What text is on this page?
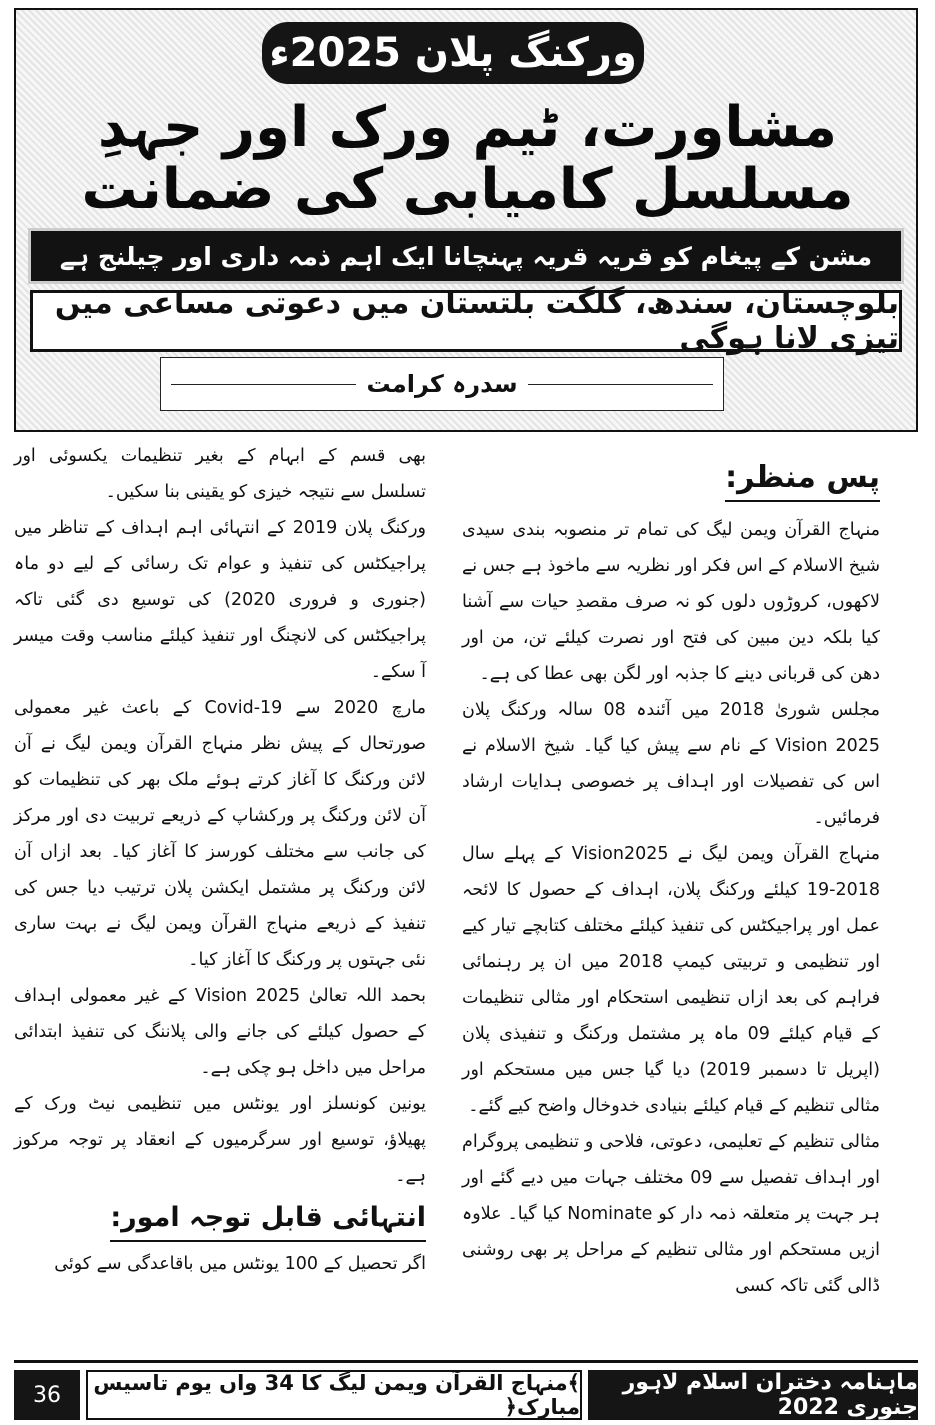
ورکنگ پلان 2025ء
مشاورت، ٹیم ورک اور جہدِ مسلسل کامیابی کی ضمانت
مشن کے پیغام کو قریہ قریہ پہنچانا ایک اہم ذمہ داری اور چیلنج ہے
بلوچستان، سندھ، گلگت بلتستان میں دعوتی مساعی میں تیزی لانا ہوگی
سدرہ کرامت
پس منظر:

منہاج القرآن ویمن لیگ کی تمام تر منصوبہ بندی سیدی شیخ الاسلام کے اس فکر اور نظریہ سے ماخوذ ہے جس نے لاکھوں، کروڑوں دلوں کو نہ صرف مقصدِ حیات سے آشنا کیا بلکہ دین مبین کی فتح اور نصرت کیلئے تن، من اور دھن کی قربانی دینے کا جذبہ اور لگن بھی عطا کی ہے۔

مجلس شوریٰ 2018 میں آئندہ 08 سالہ ورکنگ پلان Vision 2025 کے نام سے پیش کیا گیا۔ شیخ الاسلام نے اس کی تفصیلات اور اہداف پر خصوصی ہدایات ارشاد فرمائیں۔

منہاج القرآن ویمن لیگ نے Vision2025 کے پہلے سال 2018-19 کیلئے ورکنگ پلان، اہداف کے حصول کا لائحہ عمل اور پراجیکٹس کی تنفیذ کیلئے مختلف کتابچے تیار کیے اور تنظیمی و تربیتی کیمپ 2018 میں ان پر رہنمائی فراہم کی بعد ازاں تنظیمی استحکام اور مثالی تنظیمات کے قیام کیلئے 09 ماہ پر مشتمل ورکنگ و تنفیذی پلان (اپریل تا دسمبر 2019) دیا گیا جس میں مستحکم اور مثالی تنظیم کے قیام کیلئے بنیادی خدوخال واضح کیے گئے۔

مثالی تنظیم کے تعلیمی، دعوتی، فلاحی و تنظیمی پروگرام اور اہداف تفصیل سے 09 مختلف جہات میں دیے گئے اور ہر جہت پر متعلقہ ذمہ دار کو Nominate کیا گیا۔ علاوہ ازیں مستحکم اور مثالی تنظیم کے مراحل پر بھی روشنی ڈالی گئی تاکہ کسی

بھی قسم کے ابہام کے بغیر تنظیمات یکسوئی اور تسلسل سے نتیجہ خیزی کو یقینی بنا سکیں۔

ورکنگ پلان 2019 کے انتہائی اہم اہداف کے تناظر میں پراجیکٹس کی تنفیذ و عوام تک رسائی کے لیے دو ماہ (جنوری و فروری 2020) کی توسیع دی گئی تاکہ پراجیکٹس کی لانچنگ اور تنفیذ کیلئے مناسب وقت میسر آ سکے۔

مارچ 2020 سے Covid-19 کے باعث غیر معمولی صورتحال کے پیش نظر منہاج القرآن ویمن لیگ نے آن لائن ورکنگ کا آغاز کرتے ہوئے ملک بھر کی تنظیمات کو آن لائن ورکنگ پر ورکشاپ کے ذریعے تربیت دی اور مرکز کی جانب سے مختلف کورسز کا آغاز کیا۔ بعد ازاں آن لائن ورکنگ پر مشتمل ایکشن پلان ترتیب دیا جس کی تنفیذ کے ذریعے منہاج القرآن ویمن لیگ نے بہت ساری نئی جہتوں پر ورکنگ کا آغاز کیا۔

بحمد اللہ تعالیٰ Vision 2025 کے غیر معمولی اہداف کے حصول کیلئے کی جانے والی پلاننگ کی تنفیذ ابتدائی مراحل میں داخل ہو چکی ہے۔

یونین کونسلز اور یونٹس میں تنظیمی نیٹ ورک کے پھیلاؤ، توسیع اور سرگرمیوں کے انعقاد پر توجہ مرکوز ہے۔

انتہائی قابل توجہ امور:

اگر تحصیل کے 100 یونٹس میں باقاعدگی سے کوئی

36	﴾منہاج القرآن ویمن لیگ کا 34 واں یوم تاسیس مبارک﴿
ماہنامہ دختران اسلام لاہور جنوری 2022
